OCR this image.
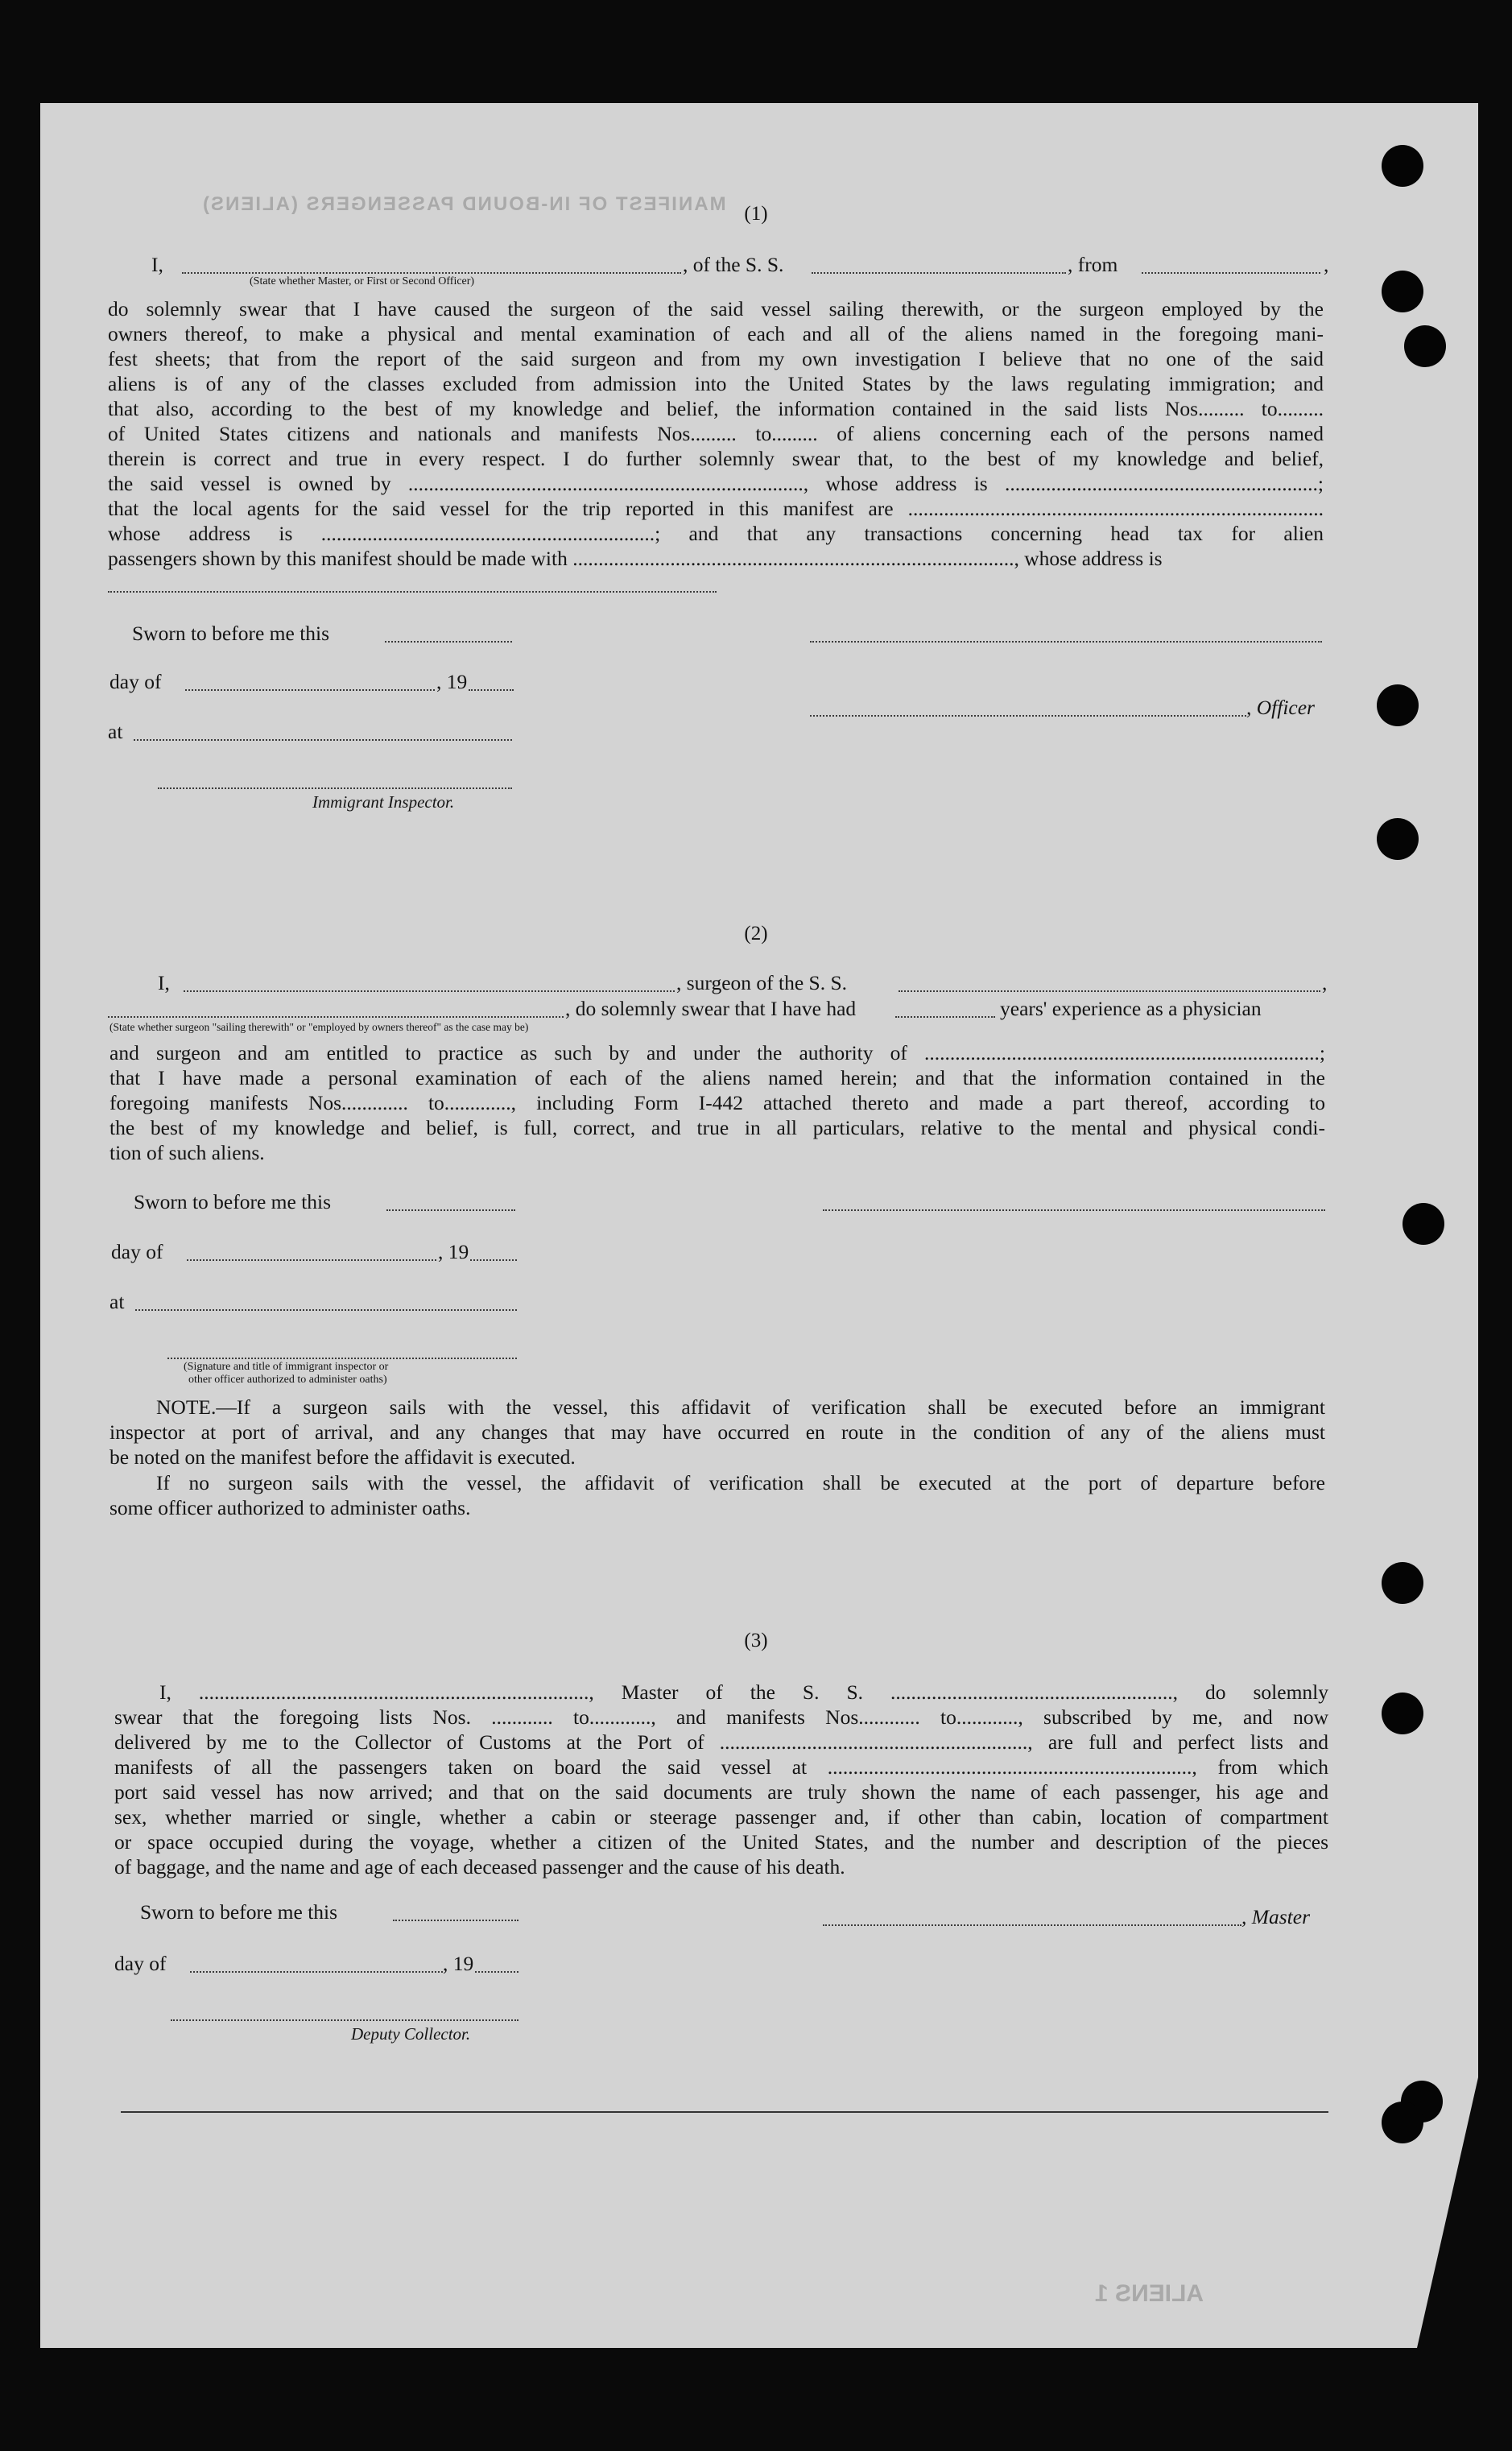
MANIFEST OF IN-BOUND PASSENGERS (ALIENS)
ALIENS 1
(1)
I,	, of the S. S.	, from	,
(State whether Master, or First or Second Officer)
do solemnly swear that I have caused the surgeon of the said vessel sailing therewith, or the surgeon employed by the
owners thereof, to make a physical and mental examination of each and all of the aliens named in the foregoing mani-
fest sheets; that from the report of the said surgeon and from my own investigation I believe that no one of the said
aliens is of any of the classes excluded from admission into the United States by the laws regulating immigration; and
that also, according to the best of my knowledge and belief, the information contained in the said lists Nos......... to.........
of United States citizens and nationals and manifests Nos......... to......... of aliens concerning each of the persons named
therein is correct and true in every respect. I do further solemnly swear that, to the best of my knowledge and belief,
the said vessel is owned by ............................................................................., whose address is .............................................................;
that the local agents for the said vessel for the trip reported in this manifest are .................................................................................
whose address is .................................................................; and that any transactions concerning head tax for alien
passengers shown by this manifest should be made with ......................................................................................, whose address is
Sworn to before me this
day of	, 19
, Officer
at
Immigrant Inspector.
(2)
I,	, surgeon of the S. S.	,
, do solemnly swear that I have had	years' experience as a physician
(State whether surgeon "sailing therewith" or "employed by owners thereof" as the case may be)
and surgeon and am entitled to practice as such by and under the authority of .............................................................................;
that I have made a personal examination of each of the aliens named herein; and that the information contained in the
foregoing manifests Nos............. to............., including Form I-442 attached thereto and made a part thereof, according to
the best of my knowledge and belief, is full, correct, and true in all particulars, relative to the mental and physical condi-
tion of such aliens.
Sworn to before me this
day of	, 19
at
(Signature and title of immigrant inspector or
other officer authorized to administer oaths)
NOTE.—If a surgeon sails with the vessel, this affidavit of verification shall be executed before an immigrant
inspector at port of arrival, and any changes that may have occurred en route in the condition of any of the aliens must
be noted on the manifest before the affidavit is executed.
If no surgeon sails with the vessel, the affidavit of verification shall be executed at the port of departure before
some officer authorized to administer oaths.
(3)
I, ............................................................................, Master of the S. S. ......................................................., do solemnly
swear that the foregoing lists Nos. ............ to............, and manifests Nos............ to............, subscribed by me, and now
delivered by me to the Collector of Customs at the Port of ............................................................, are full and perfect lists and
manifests of all the passengers taken on board the said vessel at ......................................................................., from which
port said vessel has now arrived; and that on the said documents are truly shown the name of each passenger, his age and
sex, whether married or single, whether a cabin or steerage passenger and, if other than cabin, location of compartment
or space occupied during the voyage, whether a citizen of the United States, and the number and description of the pieces
of baggage, and the name and age of each deceased passenger and the cause of his death.
Sworn to before me this	, Master
day of	, 19
Deputy Collector.
